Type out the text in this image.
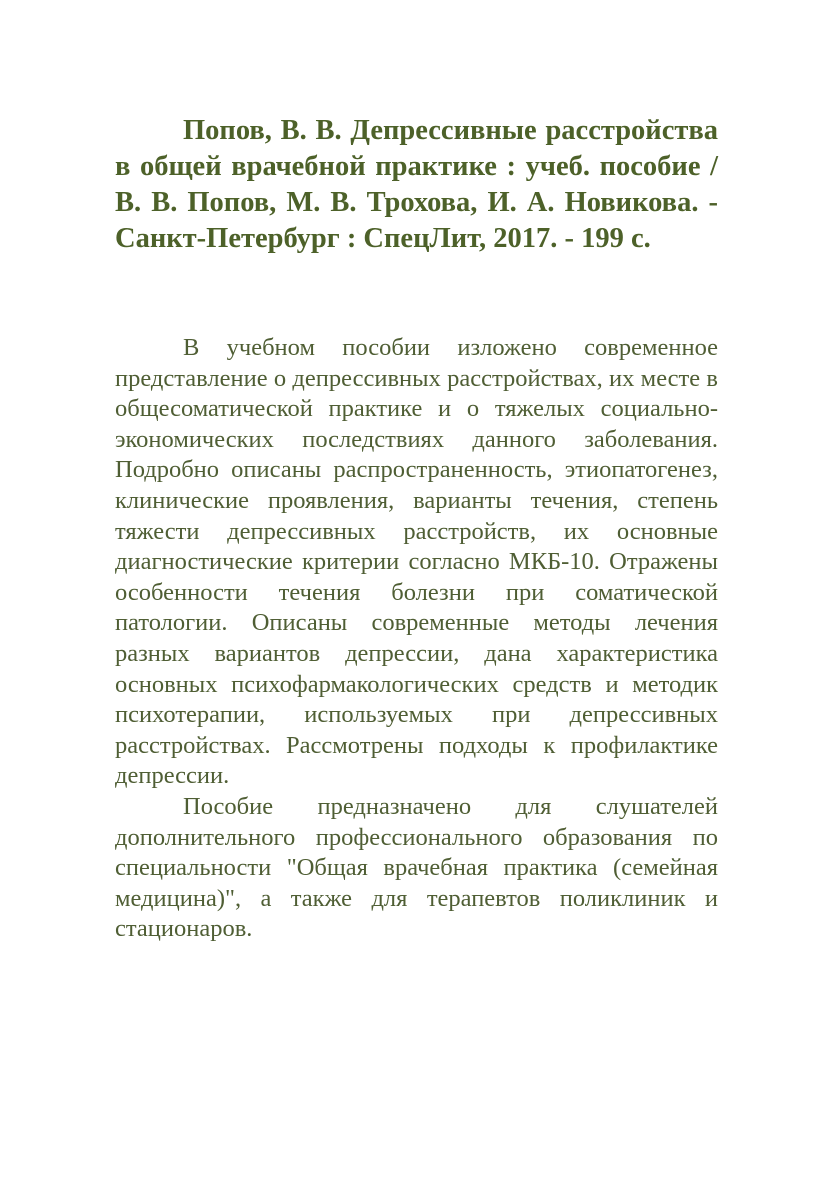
Попов, В. В. Депрессивные расстройства в общей врачебной практике : учеб. пособие / В. В. Попов, М. В. Трохова, И. А. Новикова. - Санкт-Петербург : СпецЛит, 2017. - 199 с.

В учебном пособии изложено современное представление о депрессивных расстройствах, их месте в общесоматической практике и о тяжелых социально-экономических последствиях данного заболевания. Подробно описаны распространенность, этиопатогенез, клинические проявления, варианты течения, степень тяжести депрессивных расстройств, их основные диагностические критерии согласно МКБ-10. Отражены особенности течения болезни при соматической патологии. Описаны современные методы лечения разных вариантов депрессии, дана характеристика основных психофармакологических средств и методик психотерапии, используемых при депрессивных расстройствах. Рассмотрены подходы к профилактике депрессии.

Пособие предназначено для слушателей дополнительного профессионального образования по специальности "Общая врачебная практика (семейная медицина)", а также для терапевтов поликлиник и стационаров.
